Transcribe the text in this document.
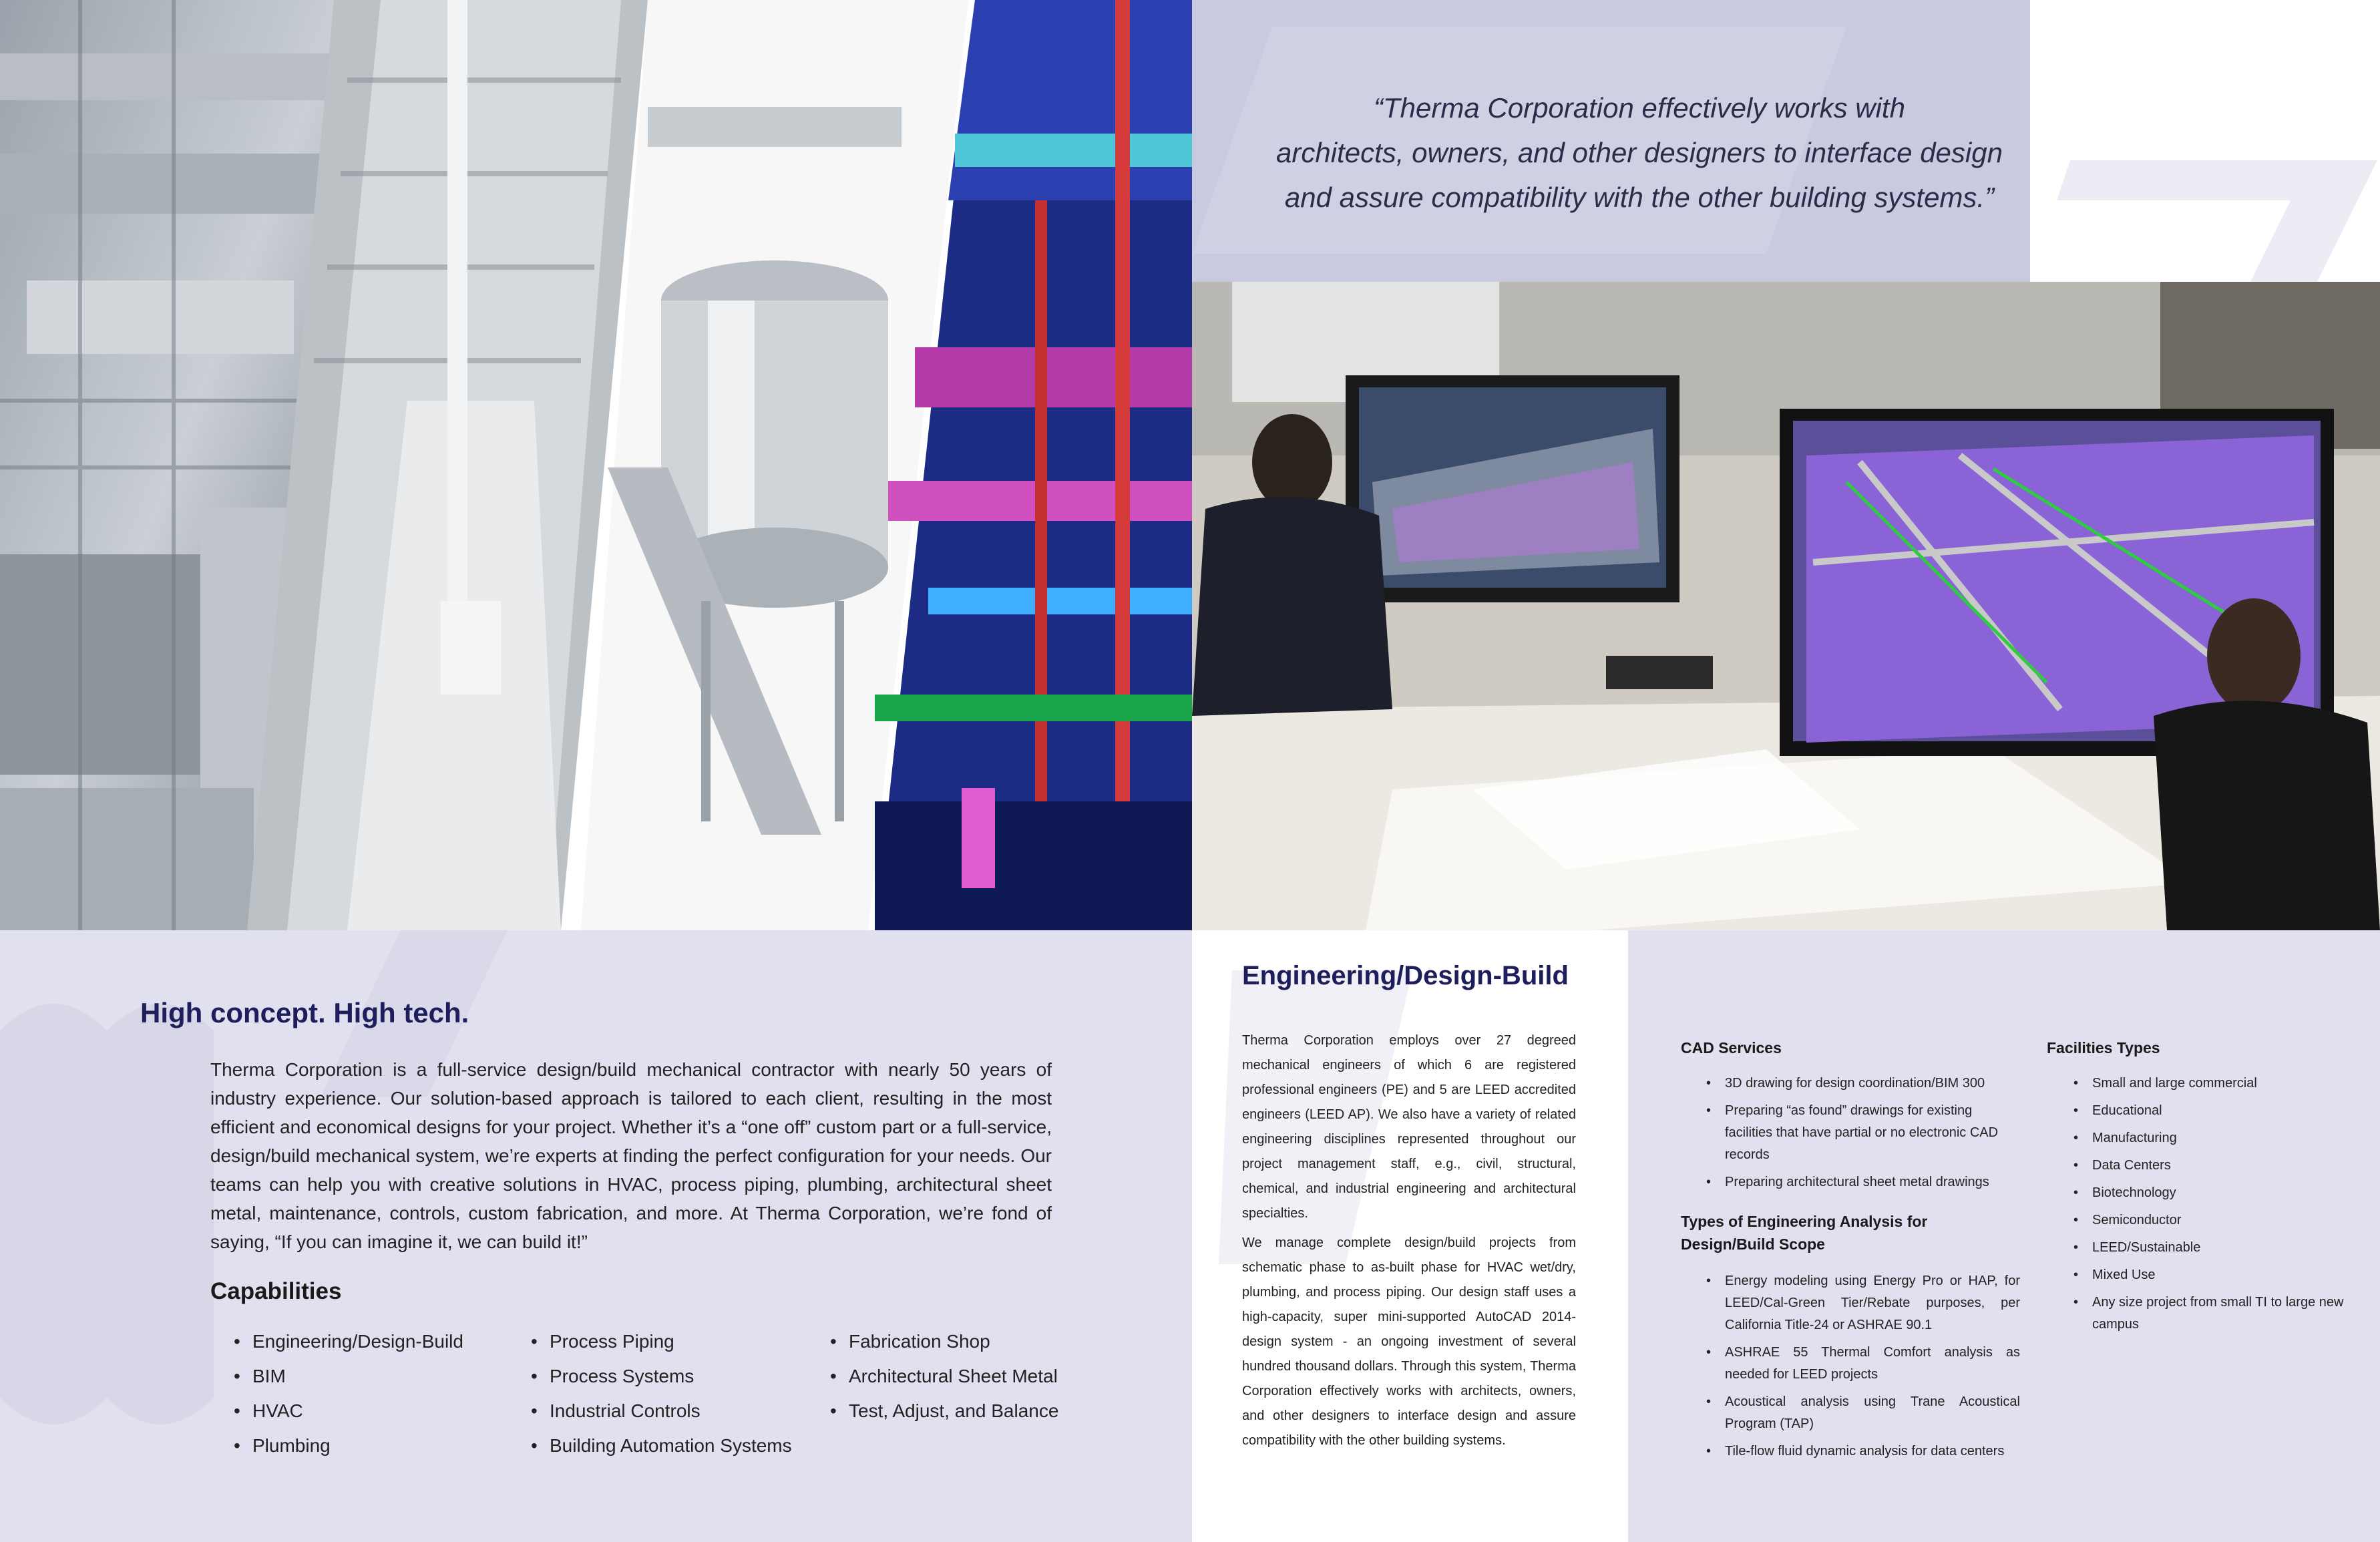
“Therma Corporation effectively works with
architects, owners, and other designers to interface design
and assure compatibility with the other building systems.”
High concept. High tech.
Therma Corporation is a full-service design/build mechanical contractor with nearly 50 years of industry experience. Our solution-based approach is tailored to each client, resulting in the most efficient and economical designs for your project. Whether it’s a “one off” custom part or a full-service, design/build mechanical system, we’re experts at finding the perfect configuration for your needs. Our teams can help you with creative solutions in HVAC, process piping, plumbing, architectural sheet metal, maintenance, controls, custom fabrication, and more. At Therma Corporation, we’re fond of saying, “If you can imagine it, we can build it!”
Capabilities
• Engineering/Design-Build
• BIM
• HVAC
• Plumbing
• Process Piping
• Process Systems
• Industrial Controls
• Building Automation Systems
• Fabrication Shop
• Architectural Sheet Metal
• Test, Adjust, and Balance
Engineering/Design-Build
Therma Corporation employs over 27 degreed mechanical engineers of which 6 are registered professional engineers (PE) and 5 are LEED accredited engineers (LEED AP). We also have a variety of related engineering disciplines represented throughout our project management staff, e.g., civil, structural, chemical, and industrial engineering and architectural specialties.
We manage complete design/build projects from schematic phase to as-built phase for HVAC wet/dry, plumbing, and process piping. Our design staff uses a high-capacity, super mini-supported AutoCAD 2014-design system - an ongoing investment of several hundred thousand dollars. Through this system, Therma Corporation effectively works with architects, owners, and other designers to interface design and assure compatibility with the other building systems.
CAD Services
• 3D drawing for design coordination/BIM 300
• Preparing “as found” drawings for existing facilities that have partial or no electronic CAD records
• Preparing architectural sheet metal drawings
Types of Engineering Analysis for
Design/Build Scope
• Energy modeling using Energy Pro or HAP, for LEED/Cal-Green Tier/Rebate purposes, per California Title-24 or ASHRAE 90.1
• ASHRAE 55 Thermal Comfort analysis as needed for LEED projects
• Acoustical analysis using Trane Acoustical Program (TAP)
• Tile-flow fluid dynamic analysis for data centers
Facilities Types
• Small and large commercial
• Educational
• Manufacturing
• Data Centers
• Biotechnology
• Semiconductor
• LEED/Sustainable
• Mixed Use
• Any size project from small TI to large new campus
